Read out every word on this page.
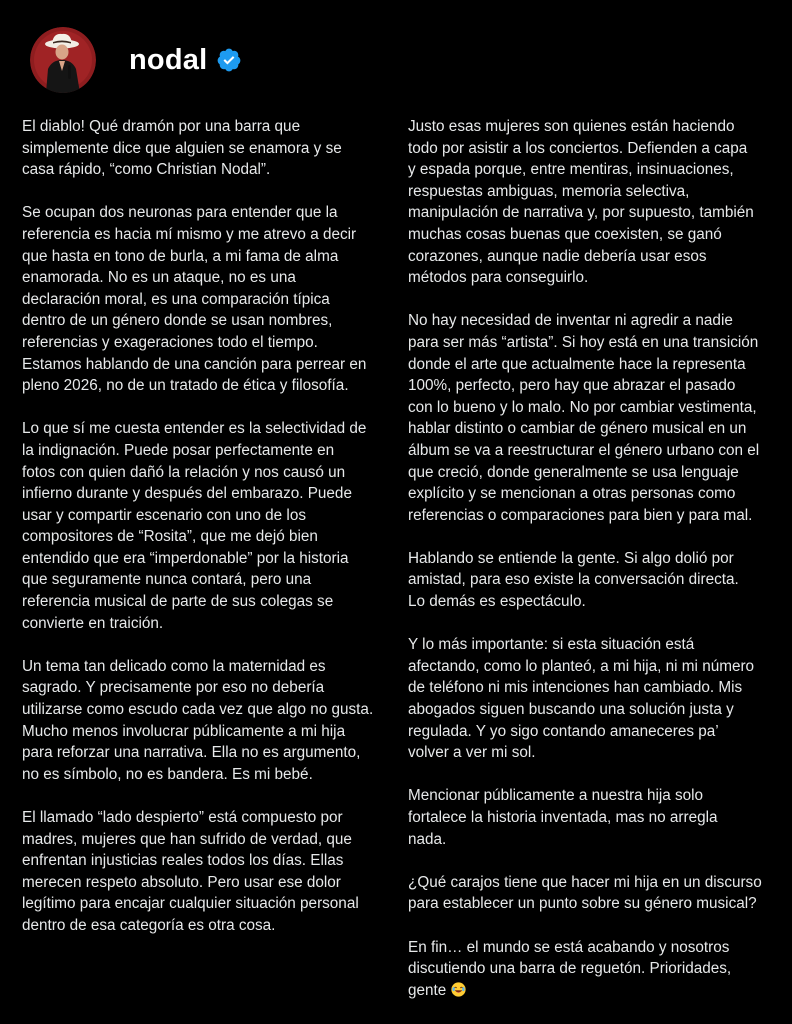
nodal

El diablo! Qué dramón por una barra que
simplemente dice que alguien se enamora y se
casa rápido, “como Christian Nodal”.

Se ocupan dos neuronas para entender que la
referencia es hacia mí mismo y me atrevo a decir
que hasta en tono de burla, a mi fama de alma
enamorada. No es un ataque, no es una
declaración moral, es una comparación típica
dentro de un género donde se usan nombres,
referencias y exageraciones todo el tiempo.
Estamos hablando de una canción para perrear en
pleno 2026, no de un tratado de ética y filosofía.

Lo que sí me cuesta entender es la selectividad de
la indignación. Puede posar perfectamente en
fotos con quien dañó la relación y nos causó un
infierno durante y después del embarazo. Puede
usar y compartir escenario con uno de los
compositores de “Rosita”, que me dejó bien
entendido que era “imperdonable” por la historia
que seguramente nunca contará, pero una
referencia musical de parte de sus colegas se
convierte en traición.

Un tema tan delicado como la maternidad es
sagrado. Y precisamente por eso no debería
utilizarse como escudo cada vez que algo no gusta.
Mucho menos involucrar públicamente a mi hija
para reforzar una narrativa. Ella no es argumento,
no es símbolo, no es bandera. Es mi bebé.

El llamado “lado despierto” está compuesto por
madres, mujeres que han sufrido de verdad, que
enfrentan injusticias reales todos los días. Ellas
merecen respeto absoluto. Pero usar ese dolor
legítimo para encajar cualquier situación personal
dentro de esa categoría es otra cosa.

Justo esas mujeres son quienes están haciendo
todo por asistir a los conciertos. Defienden a capa
y espada porque, entre mentiras, insinuaciones,
respuestas ambiguas, memoria selectiva,
manipulación de narrativa y, por supuesto, también
muchas cosas buenas que coexisten, se ganó
corazones, aunque nadie debería usar esos
métodos para conseguirlo.

No hay necesidad de inventar ni agredir a nadie
para ser más “artista”. Si hoy está en una transición
donde el arte que actualmente hace la representa
100%, perfecto, pero hay que abrazar el pasado
con lo bueno y lo malo. No por cambiar vestimenta,
hablar distinto o cambiar de género musical en un
álbum se va a reestructurar el género urbano con el
que creció, donde generalmente se usa lenguaje
explícito y se mencionan a otras personas como
referencias o comparaciones para bien y para mal.

Hablando se entiende la gente. Si algo dolió por
amistad, para eso existe la conversación directa.
Lo demás es espectáculo.

Y lo más importante: si esta situación está
afectando, como lo planteó, a mi hija, ni mi número
de teléfono ni mis intenciones han cambiado. Mis
abogados siguen buscando una solución justa y
regulada. Y yo sigo contando amaneceres pa’
volver a ver mi sol.

Mencionar públicamente a nuestra hija solo
fortalece la historia inventada, mas no arregla
nada.

¿Qué carajos tiene que hacer mi hija en un discurso
para establecer un punto sobre su género musical?

En fin… el mundo se está acabando y nosotros
discutiendo una barra de reguetón. Prioridades,
gente
